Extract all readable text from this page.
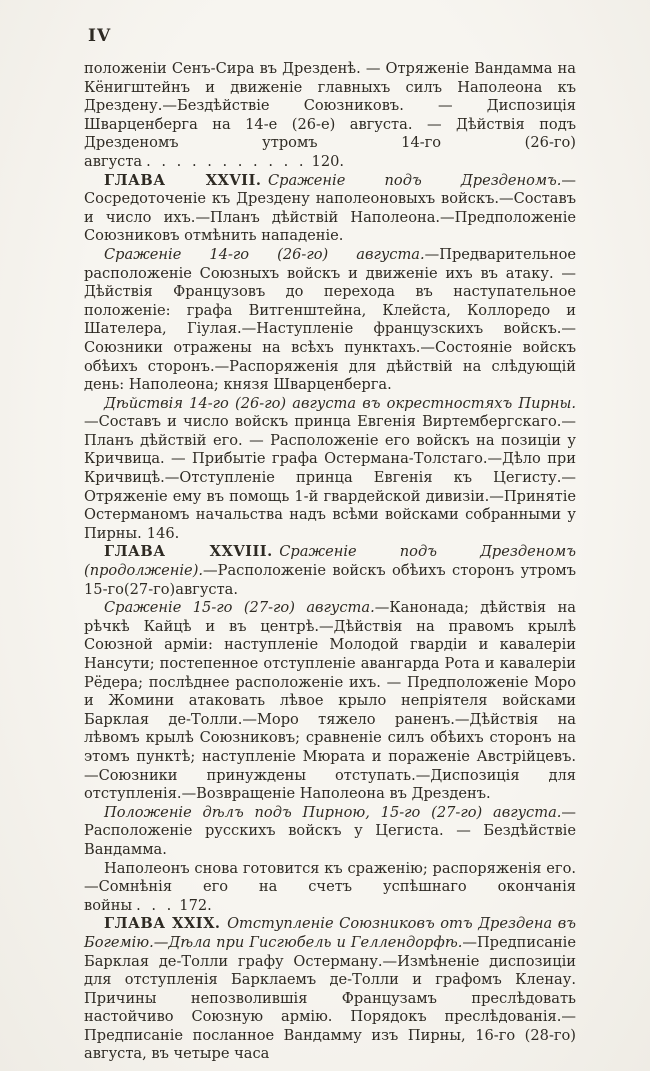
IV

положеніи Сенъ-Сира въ Дрезденѣ. — Отряженіе Вандамма на Кёнигштейнъ и движеніе главныхъ силъ Наполеона къ Дрездену.—Бездѣйствіе Союзниковъ. — Диспозиція Шварценберга на 14-е (26-е) августа. — Дѣйствія подъ Дрезденомъ утромъ 14-го (26-го) августа . . . . . . . . . . . 120.

ГЛАВА XXVII. Сраженіе подъ Дрезденомъ.—Сосредоточеніе къ Дрездену наполеоновыхъ войскъ.—Составъ и число ихъ.—Планъ дѣйствій Наполеона.—Предположеніе Союзниковъ отмѣнить нападеніе.

Сраженіе 14-го (26-го) августа.—Предварительное расположеніе Союзныхъ войскъ и движеніе ихъ въ атаку. — Дѣйствія Французовъ до перехода въ наступательное положеніе: графа Витгенштейна, Клейста, Коллоредо и Шателера, Гіулая.—Наступленіе французскихъ войскъ.—Союзники отражены на всѣхъ пунктахъ.—Состояніе войскъ обѣихъ сторонъ.—Распоряженія для дѣйствій на слѣдующій день: Наполеона; князя Шварценберга.

Дѣйствія 14-го (26-го) августа въ окрестностяхъ Пирны.—Составъ и число войскъ принца Евгенія Виртембергскаго.—Планъ дѣйствій его. — Расположеніе его войскъ на позиціи у Кричвица. — Прибытіе графа Остермана-Толстаго.—Дѣло при Кричвицѣ.—Отступленіе принца Евгенія къ Цегисту.—Отряженіе ему въ помощь 1-й гвардейской дивизіи.—Принятіе Остерманомъ начальства надъ всѣми войсками собранными у Пирны. 146.

ГЛАВА XXVIII. Сраженіе подъ Дрезденомъ (продолженіе).—Расположеніе войскъ обѣихъ сторонъ утромъ 15-го(27-го)августа.

Сраженіе 15-го (27-го) августа.—Канонада; дѣйствія на рѣчкѣ Кайцѣ и въ центрѣ.—Дѣйствія на правомъ крылѣ Союзной арміи: наступленіе Молодой гвардіи и кавалеріи Нансути; постепенное отступленіе авангарда Рота и кавалеріи Рёдера; послѣднее расположеніе ихъ. — Предположеніе Моро и Жомини атаковать лѣвое крыло непріятеля войсками Барклая де-Толли.—Моро тяжело раненъ.—Дѣйствія на лѣвомъ крылѣ Союзниковъ; сравненіе силъ обѣихъ сторонъ на этомъ пунктѣ; наступленіе Мюрата и пораженіе Австрійцевъ.—Союзники принуждены отступать.—Диспозиція для отступленія.—Возвращеніе Наполеона въ Дрезденъ.

Положеніе дѣлъ подъ Пирною, 15-го (27-го) августа.—Расположеніе русскихъ войскъ у Цегиста. — Бездѣйствіе Вандамма.

Наполеонъ снова готовится къ сраженію; распоряженія его.—Сомнѣнія его на счетъ успѣшнаго окончанія войны . . . 172.

ГЛАВА XXIX. Отступленіе Союзниковъ отъ Дрездена въ Богемію.—Дѣла при Гисгюбель и Геллендорфѣ.—Предписаніе Барклая де-Толли графу Остерману.—Измѣненіе диспозиціи для отступленія Барклаемъ де-Толли и графомъ Кленау. Причины непозволившія Французамъ преслѣдовать настойчиво Союзную армію. Порядокъ преслѣдованія.—Предписаніе посланное Вандамму изъ Пирны, 16-го (28-го) августа, въ четыре часа
